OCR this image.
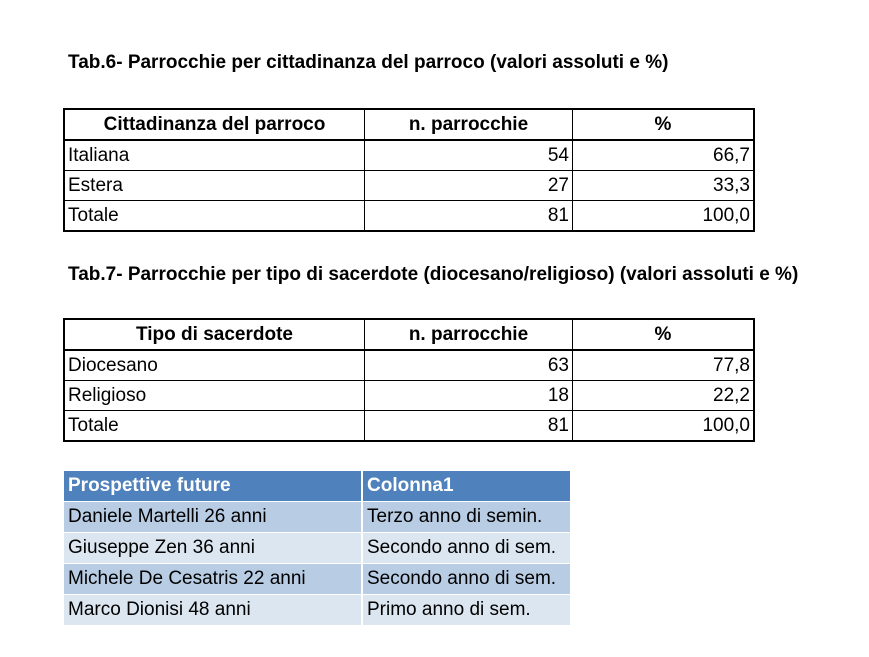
Tab.6- Parrocchie per cittadinanza del parroco (valori assoluti e %)
Cittadinanza del parroco	n. parrocchie	%
Italiana	54	66,7
Estera	27	33,3
Totale	81	100,0
Tab.7- Parrocchie per tipo di sacerdote (diocesano/religioso) (valori assoluti e %)
Tipo di sacerdote	n. parrocchie	%
Diocesano	63	77,8
Religioso	18	22,2
Totale	81	100,0
Prospettive future	Colonna1
Daniele Martelli 26 anni	Terzo anno di semin.
Giuseppe Zen 36 anni	Secondo anno di sem.
Michele De Cesatris 22 anni	Secondo anno di sem.
Marco Dionisi 48 anni	Primo anno di sem.
